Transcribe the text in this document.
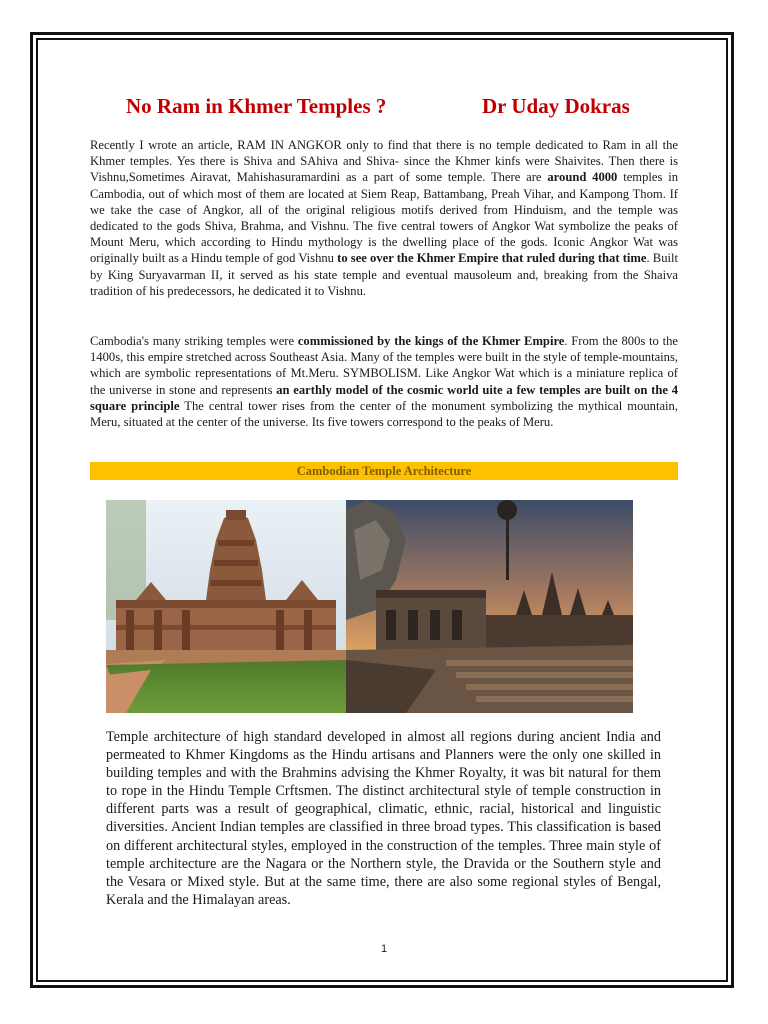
No Ram in Khmer Temples ?	Dr Uday Dokras

Recently I wrote an article, RAM IN ANGKOR only to find that there is no temple dedicated to Ram in all the Khmer temples. Yes there is Shiva and SAhiva and Shiva- since the Khmer kinfs were Shaivites. Then there is Vishnu,Sometimes Airavat, Mahishasuramardini as a part of some temple. There are around 4000 temples in Cambodia, out of which most of them are located at Siem Reap, Battambang, Preah Vihar, and Kampong Thom. If we take the case of Angkor, all of the original religious motifs derived from Hinduism, and the temple was dedicated to the gods Shiva, Brahma, and Vishnu. The five central towers of Angkor Wat symbolize the peaks of Mount Meru, which according to Hindu mythology is the dwelling place of the gods. Iconic Angkor Wat was originally built as a Hindu temple of god Vishnu to see over the Khmer Empire that ruled during that time. Built by King Suryavarman II, it served as his state temple and eventual mausoleum and, breaking from the Shaiva tradition of his predecessors, he dedicated it to Vishnu.

Cambodia's many striking temples were commissioned by the kings of the Khmer Empire. From the 800s to the 1400s, this empire stretched across Southeast Asia. Many of the temples were built in the style of temple-mountains, which are symbolic representations of Mt.Meru. SYMBOLISM. Like Angkor Wat which is a miniature replica of the universe in stone and represents an earthly model of the cosmic world uite a few temples are built on the 4 square principle The central tower rises from the center of the monument symbolizing the mythical mountain, Meru, situated at the center of the universe. Its five towers correspond to the peaks of Meru.

Cambodian Temple Architecture

Temple architecture of high standard developed in almost all regions during ancient India and permeated to Khmer Kingdoms as the Hindu artisans and Planners were the only one skilled in building temples and with the Brahmins advising the Khmer Royalty, it was bit natural for them to rope in the Hindu Temple Crftsmen. The distinct architectural style of temple construction in different parts was a result of geographical, climatic, ethnic, racial, historical and linguistic diversities. Ancient Indian temples are classified in three broad types. This classification is based on different architectural styles, employed in the construction of the temples. Three main style of temple architecture are the Nagara or the Northern style, the Dravida or the Southern style and the Vesara or Mixed style. But at the same time, there are also some regional styles of Bengal, Kerala and the Himalayan areas.

1
